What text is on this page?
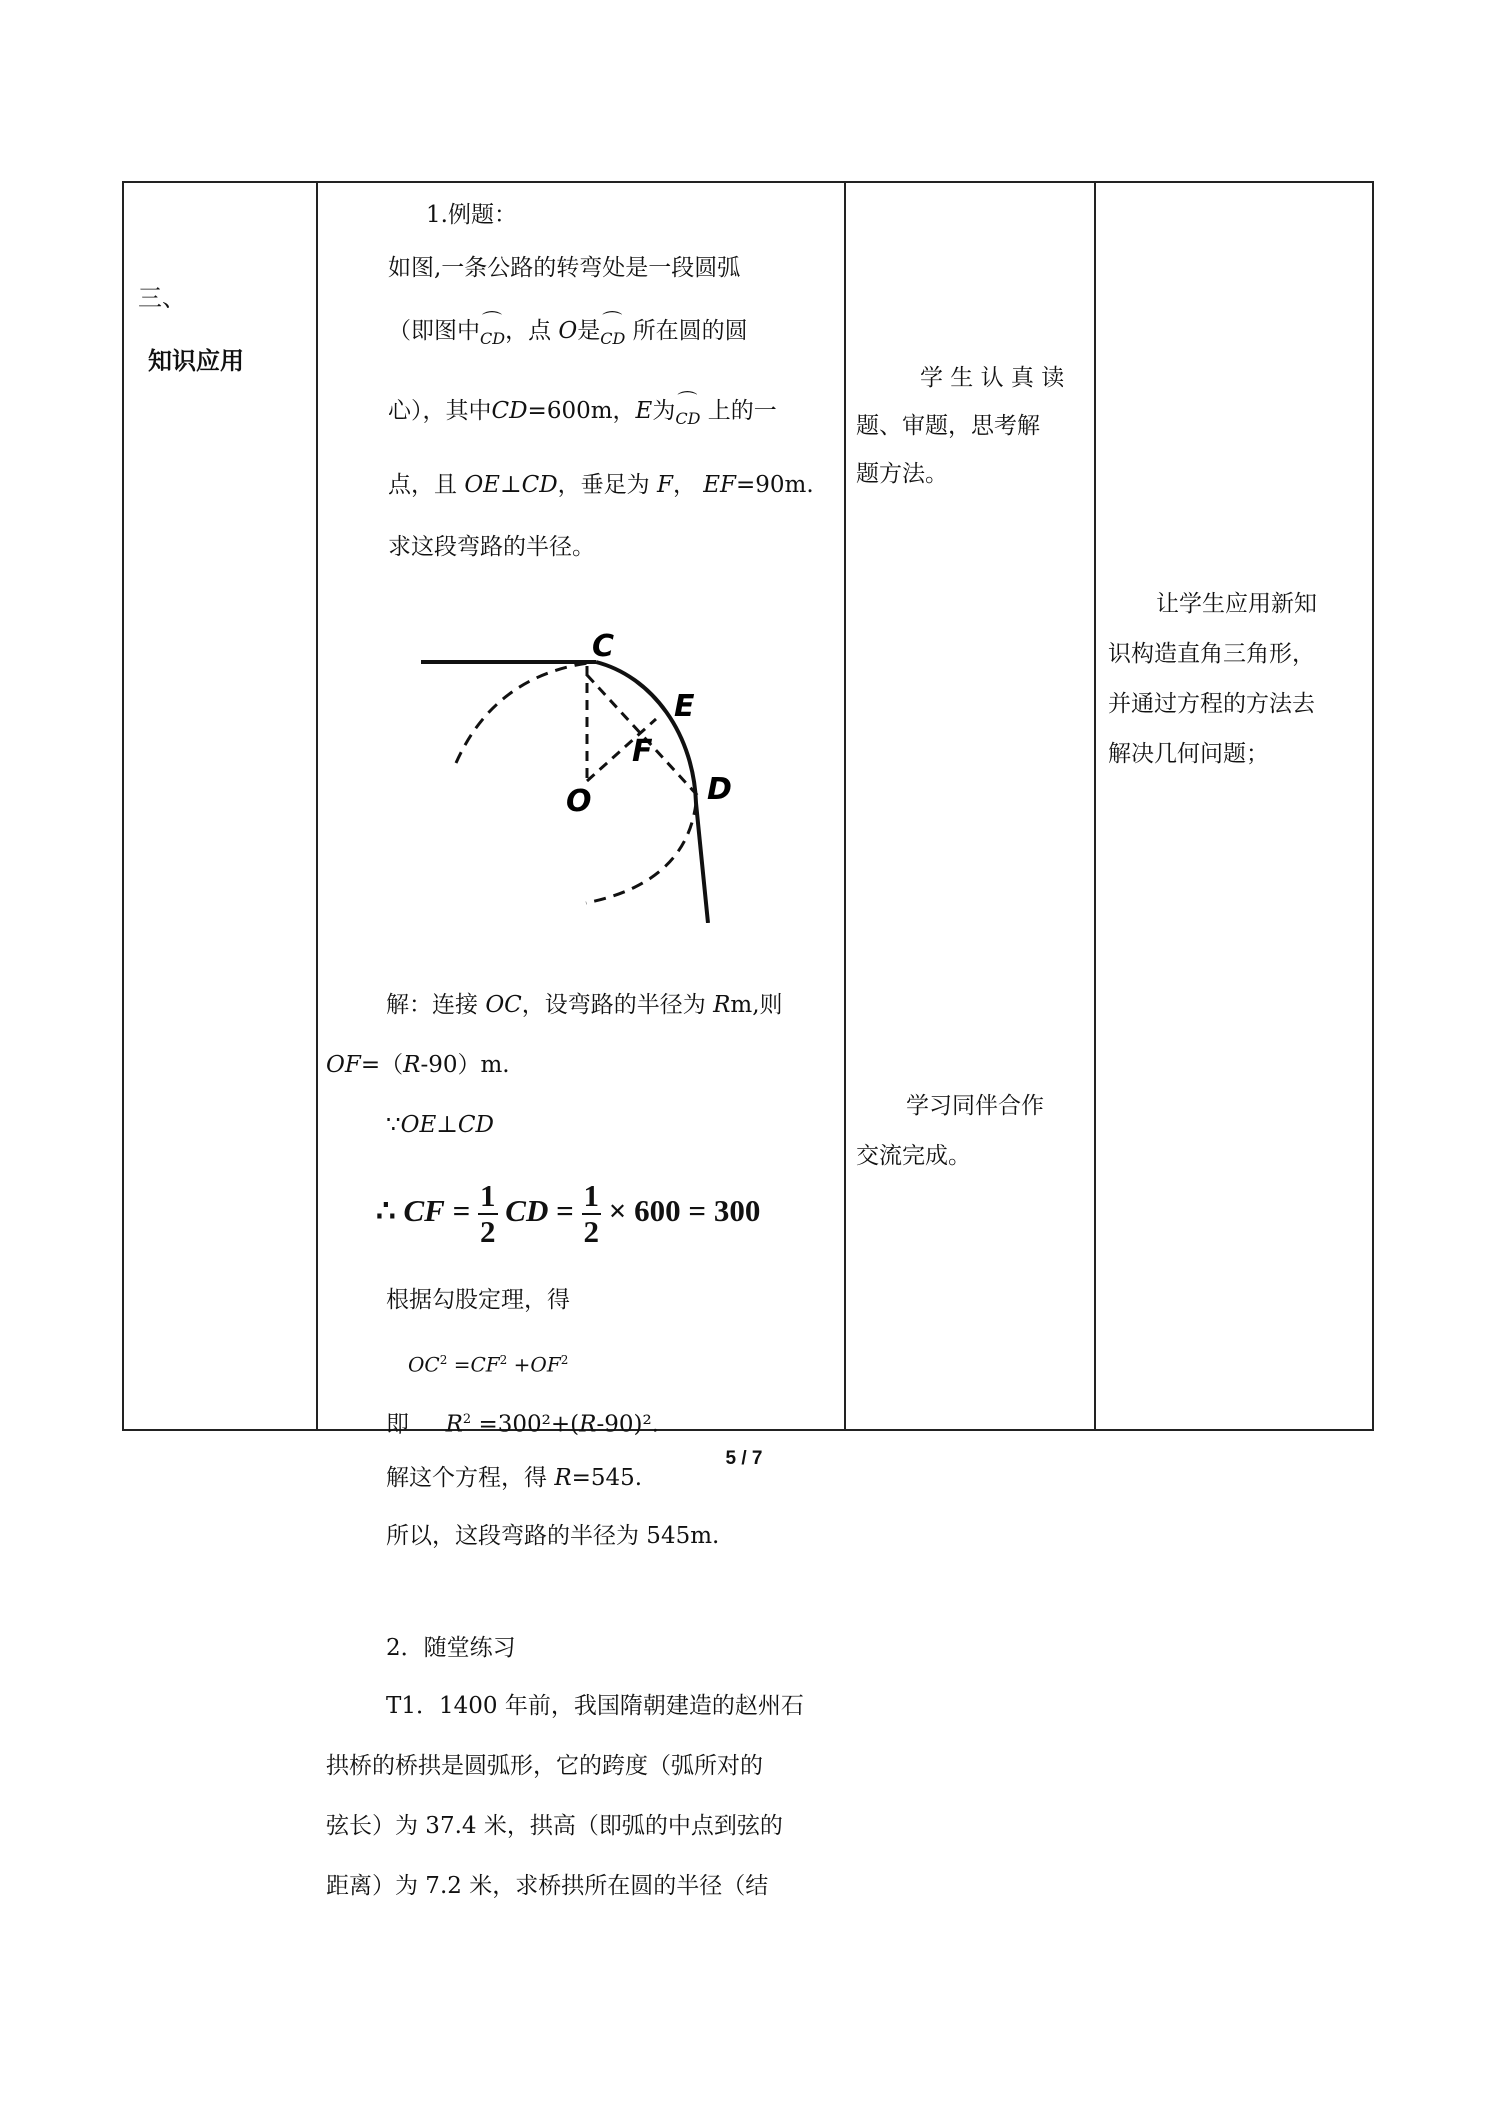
三、
知识应用
1.例题：
如图,一条公路的转弯处是一段圆弧
（即图中⌒ CD，点 O是⌒ CD 所在圆的圆
心），其中CD=600m，E为⌒ CD 上的一
点，且 OE⊥CD，垂足为 F， EF=90m.
求这段弯路的半径。
C
E
F
D
O
解：连接 OC，设弯路的半径为 Rm,则
OF=（R-90）m.
∵OE⊥CD
∴ CF = $\frac{1}{2}$ CD = $\frac{1}{2} \times 600 = 300$
根据勾股定理，得
$OC^2 =CF^2 +OF^2$
即 $R^2 =300^2+(R-90)^2$.
解这个方程，得 R=545.
所以，这段弯路的半径为 545m.
2．随堂练习
T1．1400 年前，我国隋朝建造的赵州石
拱桥的桥拱是圆弧形，它的跨度（弧所对的
弦长）为 37.4 米，拱高（即弧的中点到弦的
距离）为 7.2 米，求桥拱所在圆的半径（结
学 生 认 真 读
题、审题，思考解
题方法。
学习同伴合作
交流完成。
让学生应用新知
识构造直角三角形，
并通过方程的方法去
解决几何问题；
5 / 7
